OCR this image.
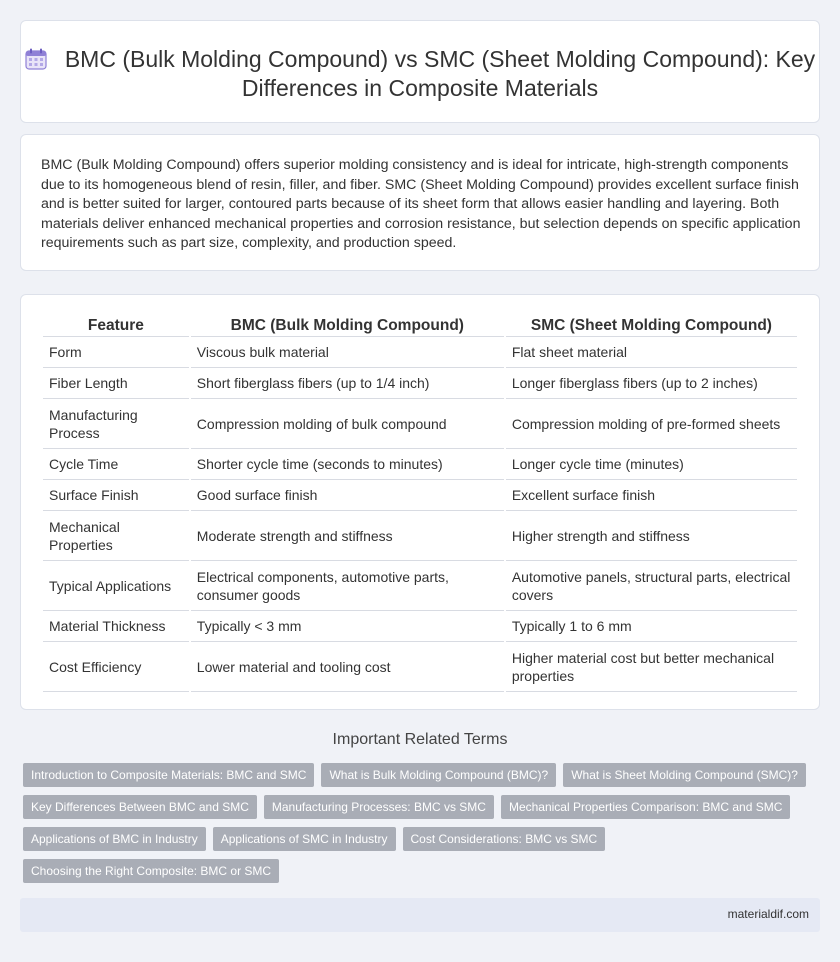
BMC (Bulk Molding Compound) vs SMC (Sheet Molding Compound): Key Differences in Composite Materials

BMC (Bulk Molding Compound) offers superior molding consistency and is ideal for intricate, high-strength components due to its homogeneous blend of resin, filler, and fiber. SMC (Sheet Molding Compound) provides excellent surface finish and is better suited for larger, contoured parts because of its sheet form that allows easier handling and layering. Both materials deliver enhanced mechanical properties and corrosion resistance, but selection depends on specific application requirements such as part size, complexity, and production speed.

Feature	BMC (Bulk Molding Compound)	SMC (Sheet Molding Compound)
Form	Viscous bulk material	Flat sheet material
Fiber Length	Short fiberglass fibers (up to 1/4 inch)	Longer fiberglass fibers (up to 2 inches)
Manufacturing Process	Compression molding of bulk compound	Compression molding of pre-formed sheets
Cycle Time	Shorter cycle time (seconds to minutes)	Longer cycle time (minutes)
Surface Finish	Good surface finish	Excellent surface finish
Mechanical Properties	Moderate strength and stiffness	Higher strength and stiffness
Typical Applications	Electrical components, automotive parts, consumer goods	Automotive panels, structural parts, electrical covers
Material Thickness	Typically < 3 mm	Typically 1 to 6 mm
Cost Efficiency	Lower material and tooling cost	Higher material cost but better mechanical properties
Important Related Terms
Introduction to Composite Materials: BMC and SMC	What is Bulk Molding Compound (BMC)?	What is Sheet Molding Compound (SMC)?
Key Differences Between BMC and SMC	Manufacturing Processes: BMC vs SMC	Mechanical Properties Comparison: BMC and SMC
Applications of BMC in Industry	Applications of SMC in Industry	Cost Considerations: BMC vs SMC
Choosing the Right Composite: BMC or SMC
materialdif.com
